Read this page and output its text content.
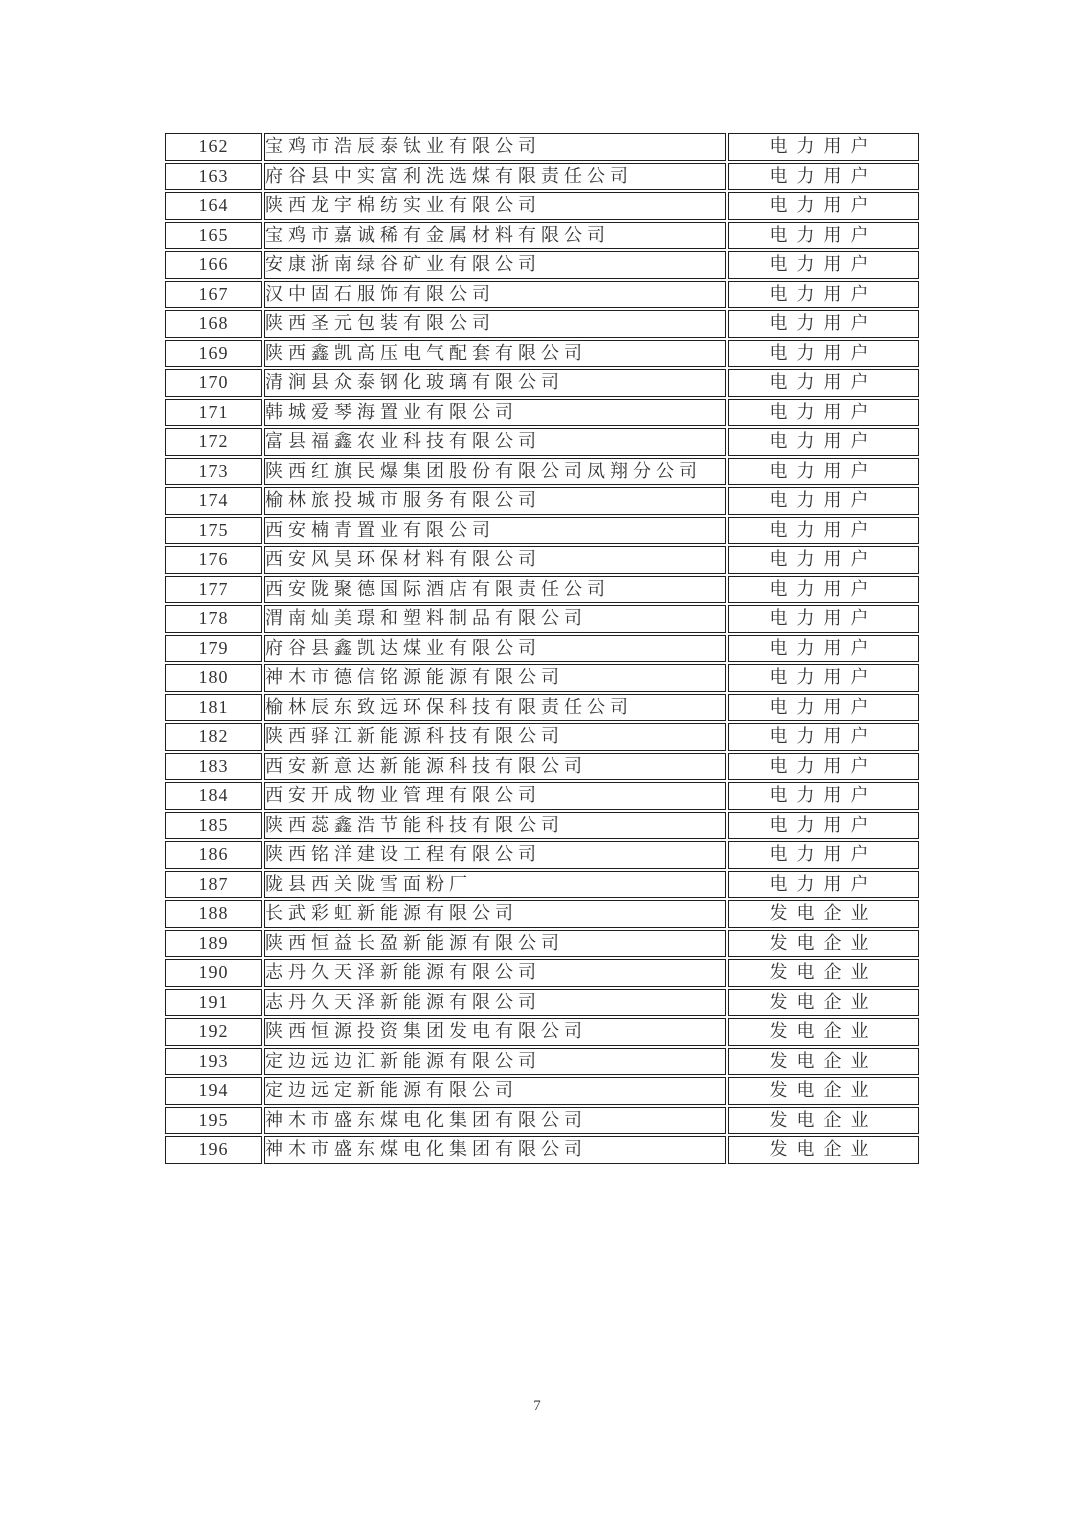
162	宝鸡市浩辰泰钛业有限公司	电力用户
163	府谷县中实富利洗选煤有限责任公司	电力用户
164	陕西龙宇棉纺实业有限公司	电力用户
165	宝鸡市嘉诚稀有金属材料有限公司	电力用户
166	安康浙南绿谷矿业有限公司	电力用户
167	汉中固石服饰有限公司	电力用户
168	陕西圣元包装有限公司	电力用户
169	陕西鑫凯高压电气配套有限公司	电力用户
170	清涧县众泰钢化玻璃有限公司	电力用户
171	韩城爱琴海置业有限公司	电力用户
172	富县福鑫农业科技有限公司	电力用户
173	陕西红旗民爆集团股份有限公司凤翔分公司	电力用户
174	榆林旅投城市服务有限公司	电力用户
175	西安楠青置业有限公司	电力用户
176	西安风昊环保材料有限公司	电力用户
177	西安陇聚德国际酒店有限责任公司	电力用户
178	渭南灿美璟和塑料制品有限公司	电力用户
179	府谷县鑫凯达煤业有限公司	电力用户
180	神木市德信铭源能源有限公司	电力用户
181	榆林辰东致远环保科技有限责任公司	电力用户
182	陕西驿江新能源科技有限公司	电力用户
183	西安新意达新能源科技有限公司	电力用户
184	西安开成物业管理有限公司	电力用户
185	陕西蕊鑫浩节能科技有限公司	电力用户
186	陕西铭洋建设工程有限公司	电力用户
187	陇县西关陇雪面粉厂	电力用户
188	长武彩虹新能源有限公司	发电企业
189	陕西恒益长盈新能源有限公司	发电企业
190	志丹久天泽新能源有限公司	发电企业
191	志丹久天泽新能源有限公司	发电企业
192	陕西恒源投资集团发电有限公司	发电企业
193	定边远边汇新能源有限公司	发电企业
194	定边远定新能源有限公司	发电企业
195	神木市盛东煤电化集团有限公司	发电企业
196	神木市盛东煤电化集团有限公司	发电企业
7
